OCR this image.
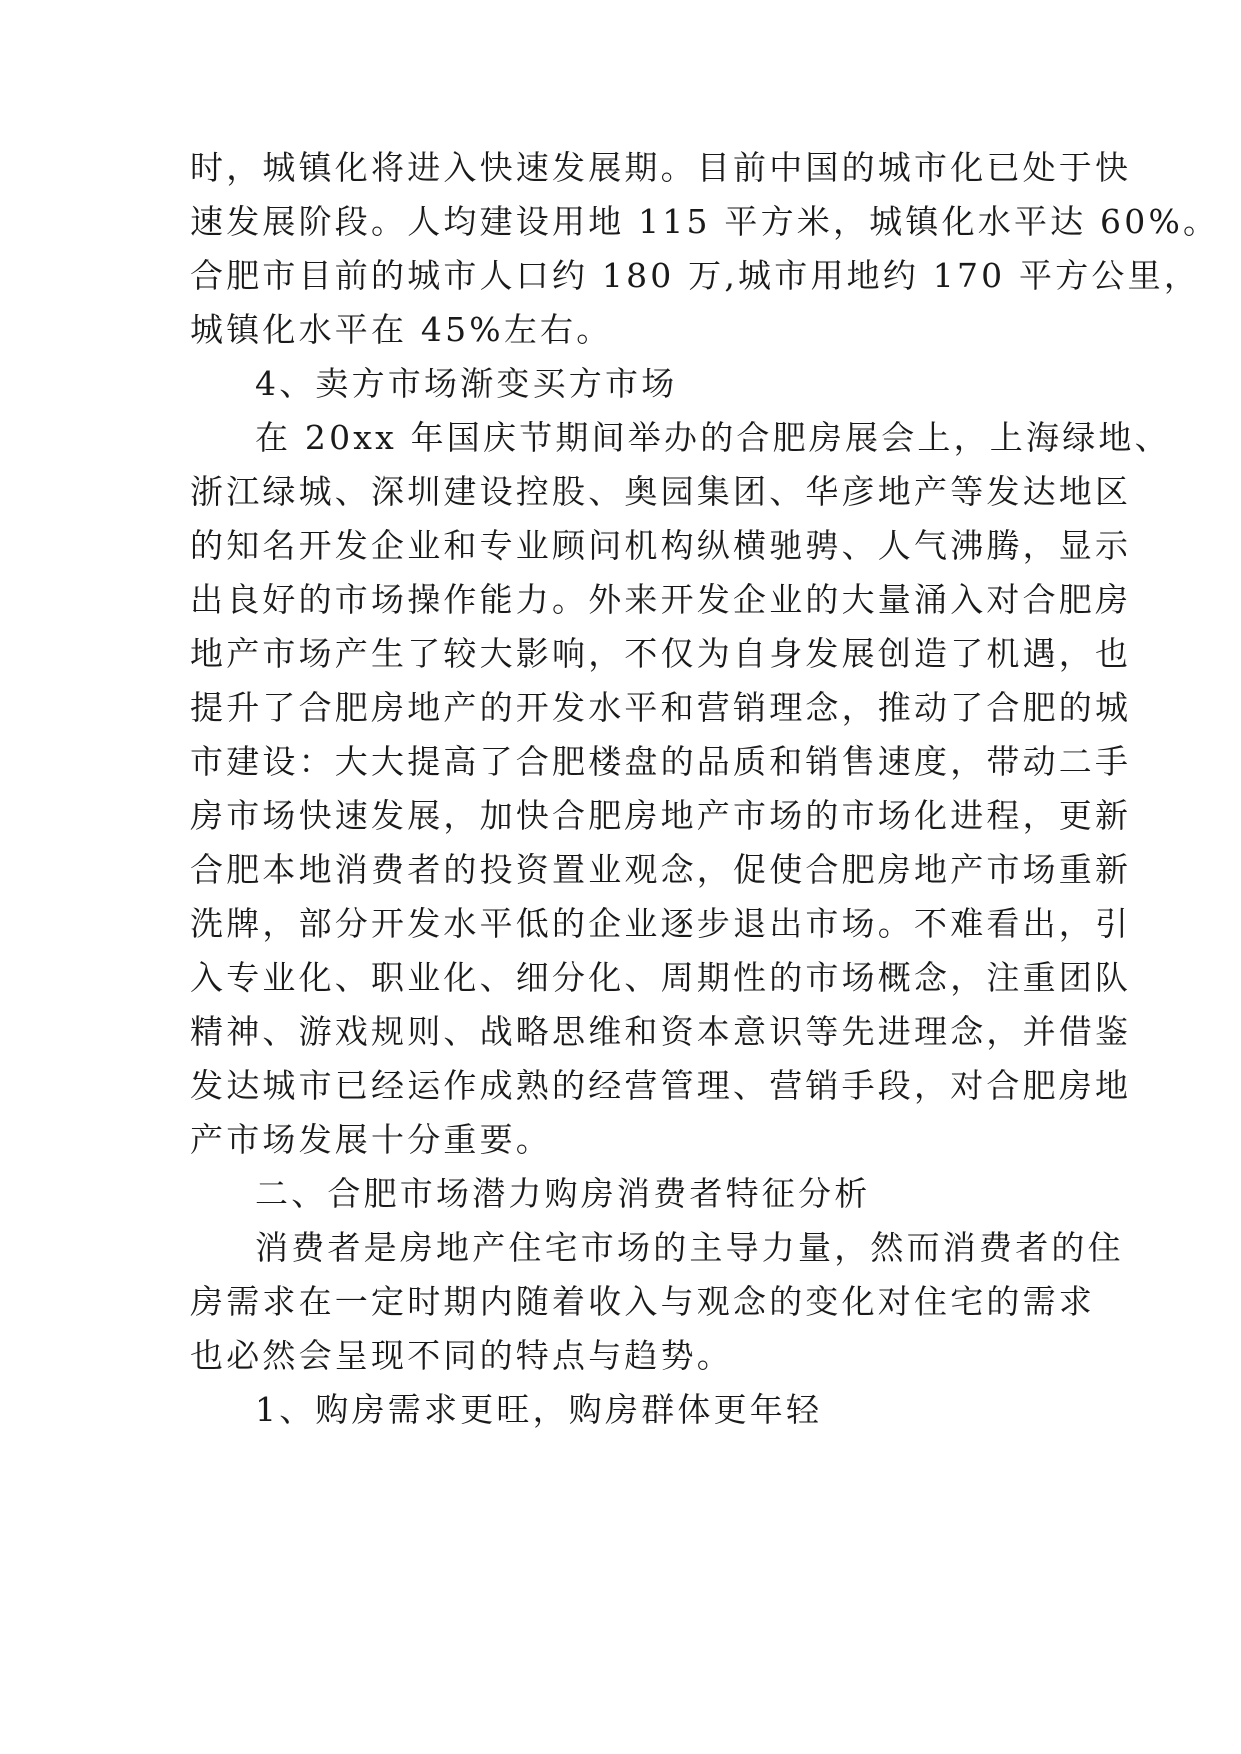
时，城镇化将进入快速发展期。目前中国的城市化已处于快
速发展阶段。人均建设用地 115 平方米，城镇化水平达 60%。
合肥市目前的城市人口约 180 万,城市用地约 170 平方公里，
城镇化水平在 45%左右。
4、卖方市场渐变买方市场
在 20xx 年国庆节期间举办的合肥房展会上，上海绿地、
浙江绿城、深圳建设控股、奥园集团、华彦地产等发达地区
的知名开发企业和专业顾问机构纵横驰骋、人气沸腾，显示
出良好的市场操作能力。外来开发企业的大量涌入对合肥房
地产市场产生了较大影响，不仅为自身发展创造了机遇，也
提升了合肥房地产的开发水平和营销理念，推动了合肥的城
市建设：大大提高了合肥楼盘的品质和销售速度，带动二手
房市场快速发展，加快合肥房地产市场的市场化进程，更新
合肥本地消费者的投资置业观念，促使合肥房地产市场重新
洗牌，部分开发水平低的企业逐步退出市场。不难看出，引
入专业化、职业化、细分化、周期性的市场概念，注重团队
精神、游戏规则、战略思维和资本意识等先进理念，并借鉴
发达城市已经运作成熟的经营管理、营销手段，对合肥房地
产市场发展十分重要。
二、合肥市场潜力购房消费者特征分析
消费者是房地产住宅市场的主导力量，然而消费者的住
房需求在一定时期内随着收入与观念的变化对住宅的需求
也必然会呈现不同的特点与趋势。
1、购房需求更旺，购房群体更年轻
